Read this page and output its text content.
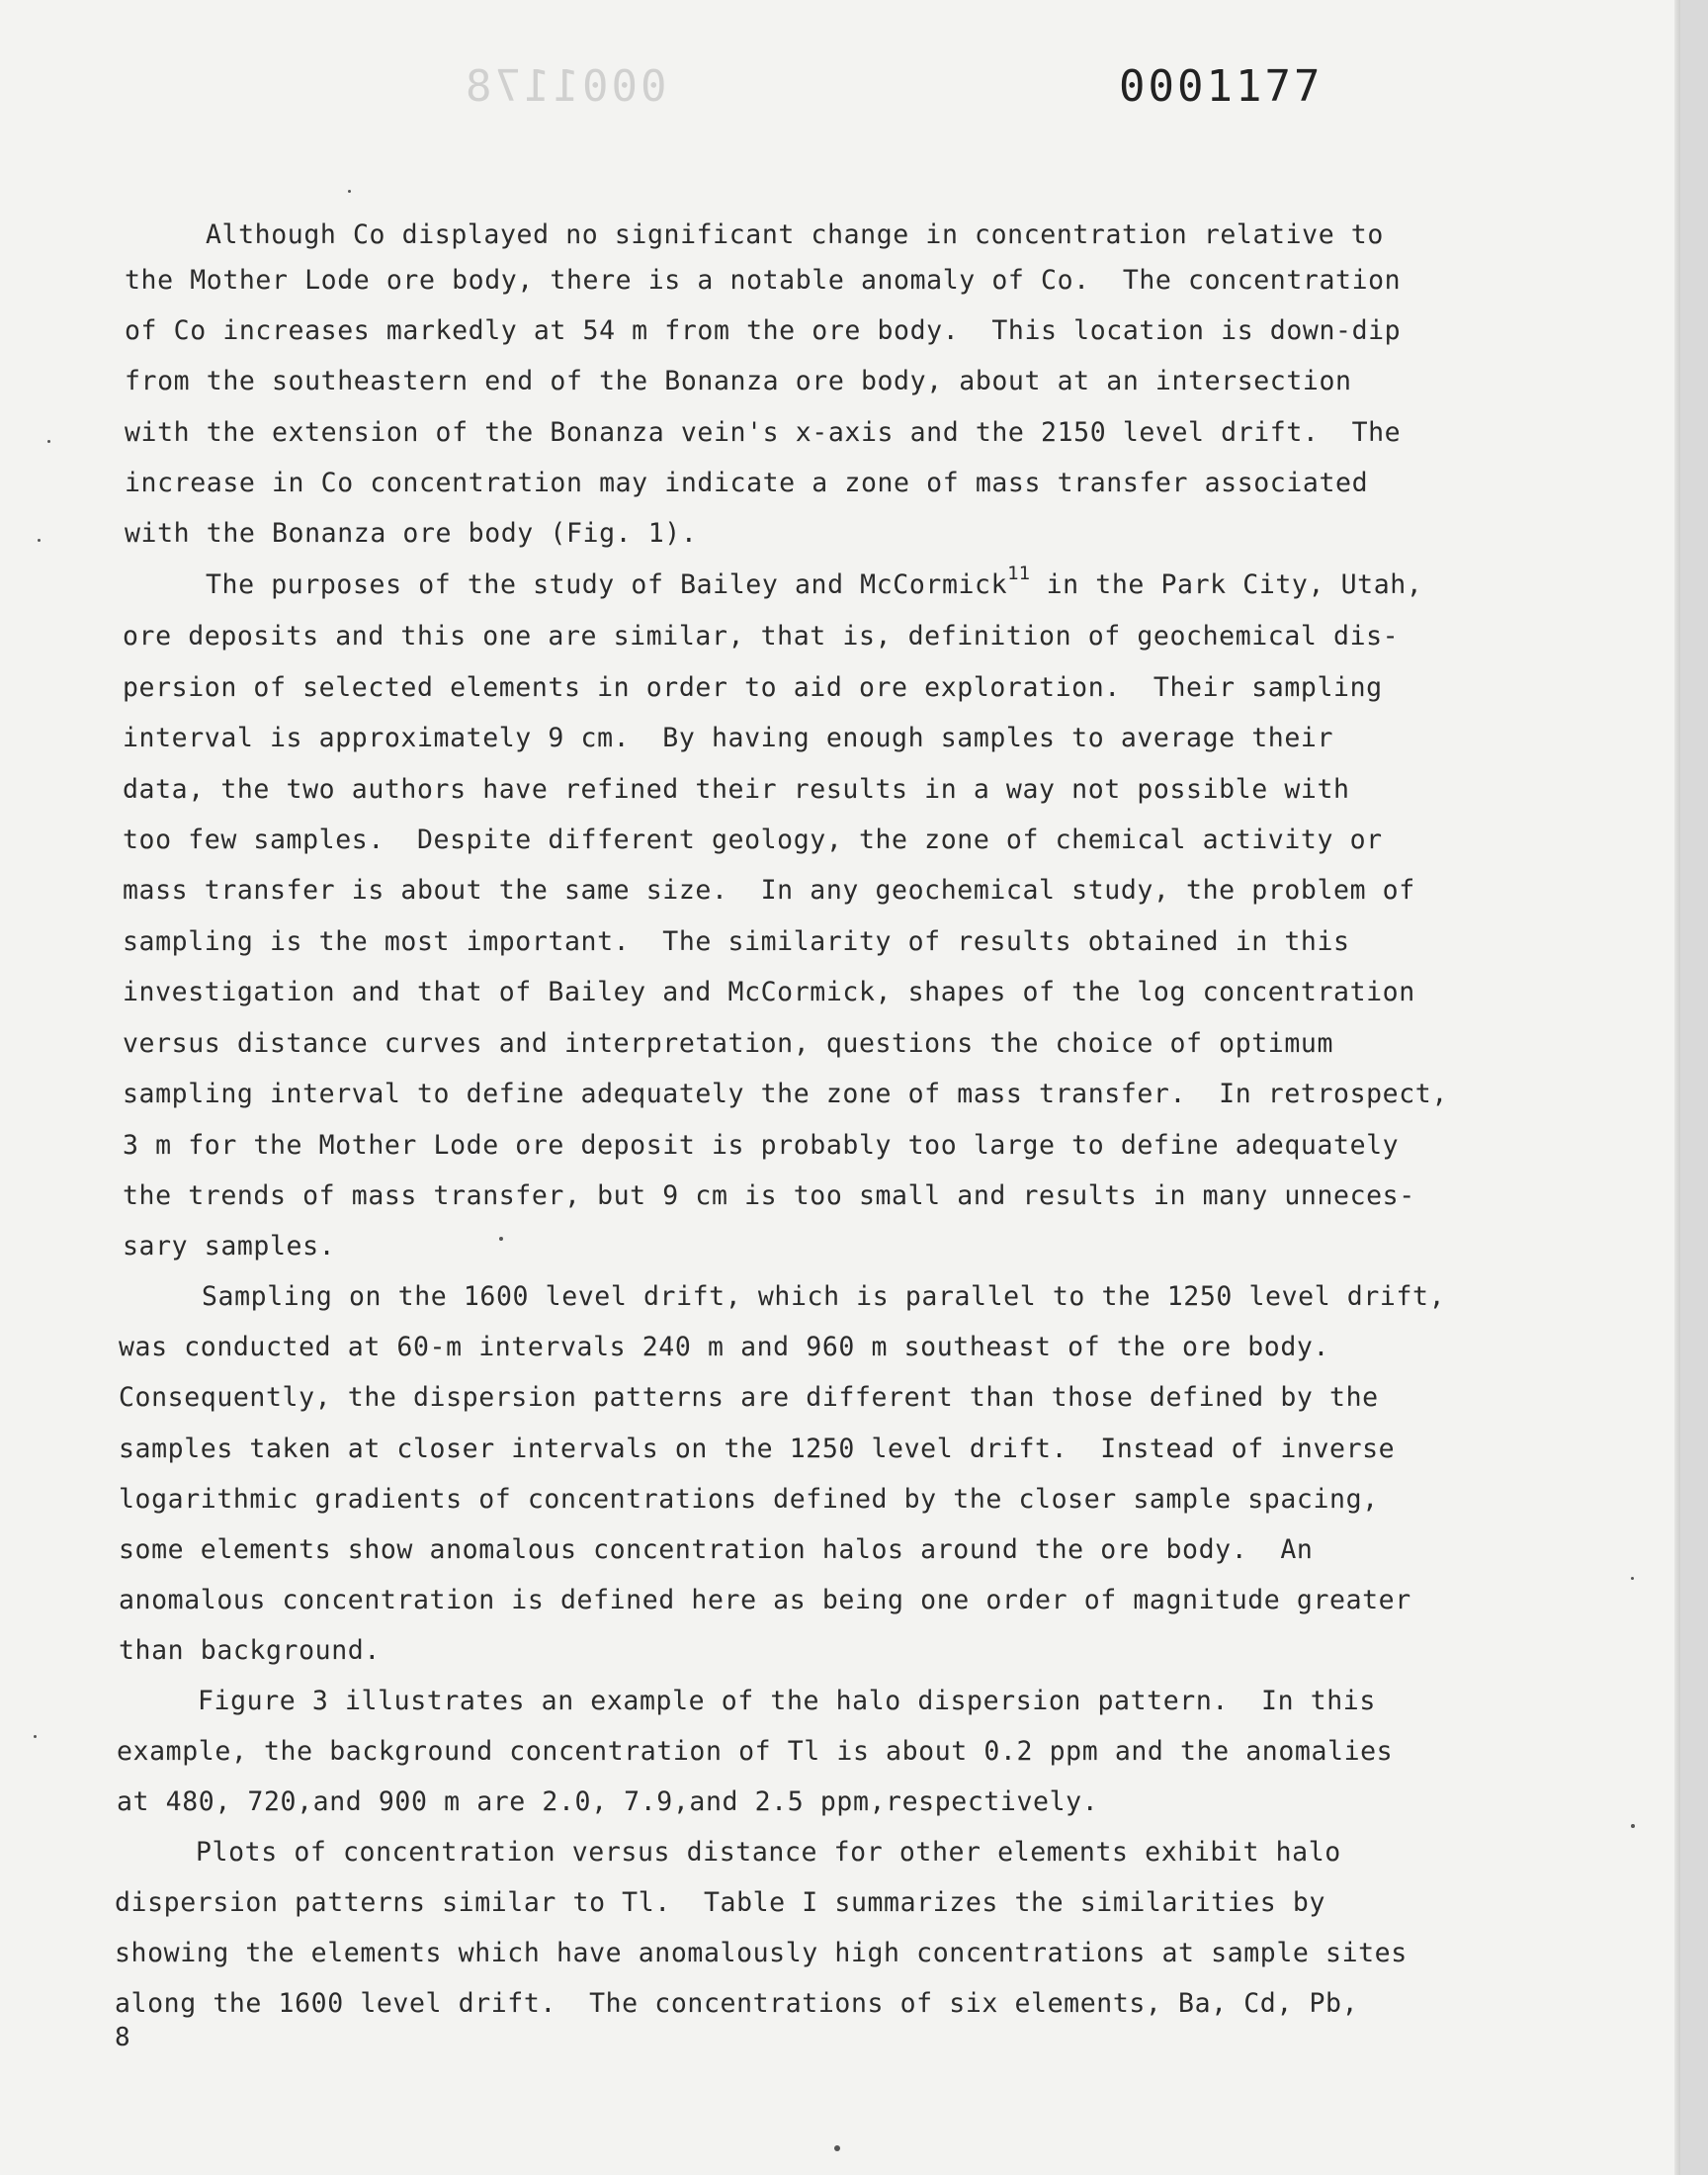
0001178	0001177
Although Co displayed no significant change in concentration relative to
the Mother Lode ore body, there is a notable anomaly of Co.  The concentration
of Co increases markedly at 54 m from the ore body.  This location is down-dip
from the southeastern end of the Bonanza ore body, about at an intersection
with the extension of the Bonanza vein's x-axis and the 2150 level drift.  The
increase in Co concentration may indicate a zone of mass transfer associated
with the Bonanza ore body (Fig. 1).
The purposes of the study of Bailey and McCormick$^{11}$ in the Park City, Utah,
ore deposits and this one are similar, that is, definition of geochemical dis-
persion of selected elements in order to aid ore exploration.  Their sampling
interval is approximately 9 cm.  By having enough samples to average their
data, the two authors have refined their results in a way not possible with
too few samples.  Despite different geology, the zone of chemical activity or
mass transfer is about the same size.  In any geochemical study, the problem of
sampling is the most important.  The similarity of results obtained in this
investigation and that of Bailey and McCormick, shapes of the log concentration
versus distance curves and interpretation, questions the choice of optimum
sampling interval to define adequately the zone of mass transfer.  In retrospect,
3 m for the Mother Lode ore deposit is probably too large to define adequately
the trends of mass transfer, but 9 cm is too small and results in many unneces-
sary samples.
Sampling on the 1600 level drift, which is parallel to the 1250 level drift,
was conducted at 60-m intervals 240 m and 960 m southeast of the ore body.
Consequently, the dispersion patterns are different than those defined by the
samples taken at closer intervals on the 1250 level drift.  Instead of inverse
logarithmic gradients of concentrations defined by the closer sample spacing,
some elements show anomalous concentration halos around the ore body.  An
anomalous concentration is defined here as being one order of magnitude greater
than background.
Figure 3 illustrates an example of the halo dispersion pattern.  In this
example, the background concentration of Tl is about 0.2 ppm and the anomalies
at 480, 720,and 900 m are 2.0, 7.9,and 2.5 ppm,respectively.
Plots of concentration versus distance for other elements exhibit halo
dispersion patterns similar to Tl.  Table I summarizes the similarities by
showing the elements which have anomalously high concentrations at sample sites
along the 1600 level drift.  The concentrations of six elements, Ba, Cd, Pb,
8
